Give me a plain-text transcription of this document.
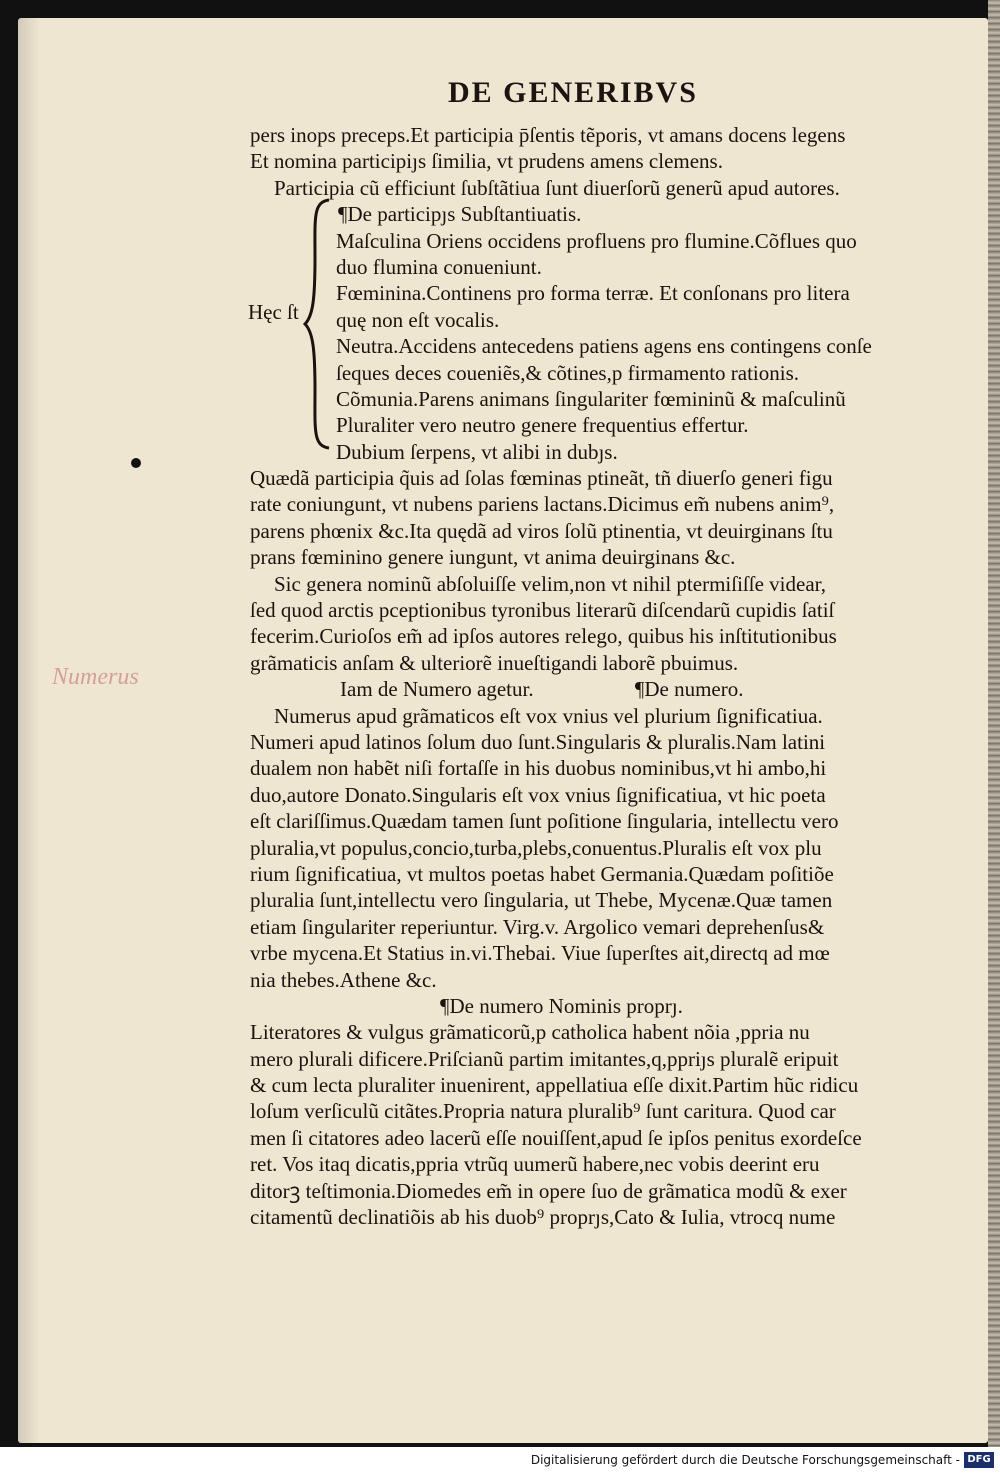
DE GENERIBVS
pers inops preceps.Et participia p̄ſentis tẽporis, vt amans docens legens
Et nomina participiȷs ſimilia, vt prudens amens clemens.
Participia cũ efficiunt ſubſtãtiua ſunt diuerſorũ generũ apud autores.
¶De participȷs Subſtantiuatis.
Maſculina Oriens occidens profluens pro flumine.Cõflues quo
duo flumina conueniunt.
Fœminina.Continens pro forma terræ. Et conſonans pro litera
quę non eſt vocalis.
Neutra.Accidens antecedens patiens agens ens contingens conſe
ſeques deces coueniẽs,& cõtines,p firmamento rationis.
Cõmunia.Parens animans ſingulariter fœmininũ & maſculinũ
Pluraliter vero neutro genere frequentius effertur.
Dubium ſerpens, vt alibi in dubȷs.
Quædã participia q̃uis ad ſolas fœminas ptineãt, tñ diuerſo generi figu
rate coniungunt, vt nubens pariens lactans.Dicimus em̃ nubens anim⁹,
parens phœnix &c.Ita quędã ad viros ſolũ ptinentia, vt deuirginans ſtu
prans fœminino genere iungunt, vt anima deuirginans &c.
Sic genera nominũ abſoluiſſe velim,non vt nihil ptermiſiſſe videar,
ſed quod arctis pceptionibus tyronibus literarũ diſcendarũ cupidis ſatiſ
fecerim.Curioſos em̃ ad ipſos autores relego, quibus his inſtitutionibus
grãmaticis anſam & ulteriorẽ inueſtigandi laborẽ pbuimus.
Iam de Numero agetur.	¶De numero.
Numerus apud grãmaticos eſt vox vnius vel plurium ſignificatiua.
Numeri apud latinos ſolum duo ſunt.Singularis & pluralis.Nam latini
dualem non habẽt niſi fortaſſe in his duobus nominibus,vt hi ambo,hi
duo,autore Donato.Singularis eſt vox vnius ſignificatiua, vt hic poeta
eſt clariſſimus.Quædam tamen ſunt poſitione ſingularia, intellectu vero
pluralia,vt populus,concio,turba,plebs,conuentus.Pluralis eſt vox plu
rium ſignificatiua, vt multos poetas habet Germania.Quædam poſitiõe
pluralia ſunt,intellectu vero ſingularia, ut Thebe, Mycenæ.Quæ tamen
etiam ſingulariter reperiuntur. Virg.v. Argolico vemari deprehenſus&
vrbe mycena.Et Statius in.vi.Thebai. Viue ſuperſtes ait,directq ad mœ
nia thebes.Athene &c.
¶De numero Nominis proprȷ.
Literatores & vulgus grãmaticorũ,p catholica habent nõia ,ppria nu
mero plurali dificere.Priſcianũ partim imitantes,q,ppriȷs pluralẽ eripuit
& cum lecta pluraliter inuenirent, appellatiua eſſe dixit.Partim hũc ridicu
loſum verſiculũ citãtes.Propria natura pluralib⁹ ſunt caritura. Quod car
men ſi citatores adeo lacerũ eſſe nouiſſent,apud ſe ipſos penitus exordeſce
ret. Vos itaq dicatis,ppria vtrũq uumerũ habere,nec vobis deerint eru
ditorꝫ teſtimonia.Diomedes em̃ in opere ſuo de grãmatica modũ & exer
citamentũ declinatiõis ab his duob⁹ proprȷs,Cato & Iulia, vtrocq nume
Hęc ſt
Numerus
Digitalisierung gefördert durch die Deutsche Forschungsgemeinschaft - DFG
